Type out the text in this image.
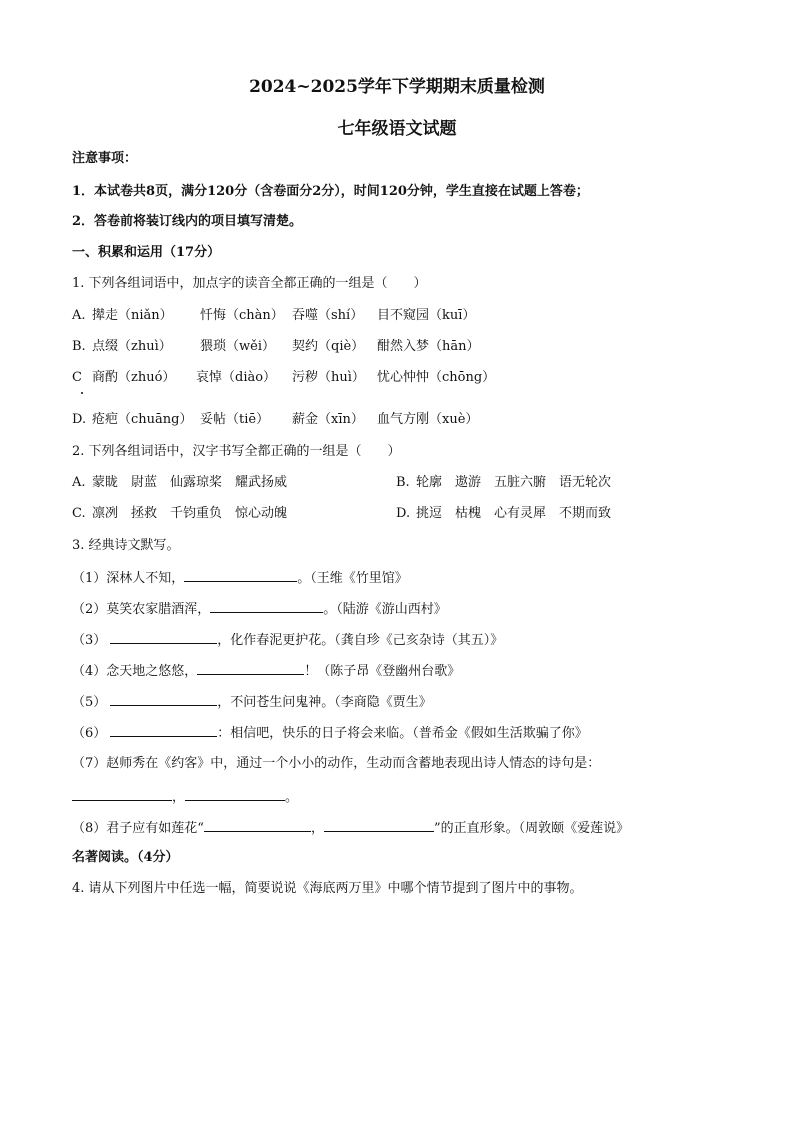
2024~2025学年下学期期末质量检测
七年级语文试题
注意事项：
1．本试卷共8页，满分120分（含卷面分2分），时间120分钟，学生直接在试题上答卷；
2．答卷前将装订线内的项目填写清楚。
一、积累和运用（17分）
1. 下列各组词语中，加点字的读音全都正确的一组是（　　）
A. 撵走（niǎn） 忏悔（chàn） 吞噬（shí） 目不窥园（kuī）
B. 点缀（zhuì） 猥琐（wěi） 契约（qiè） 酣然入梦（hān）
C 商酌（zhuó） 哀悼（diào） 污秽（huì） 忧心忡忡（chōng）
D. 疮疤（chuāng） 妥帖（tiē） 薪金（xīn） 血气方刚（xuè）
2. 下列各组词语中，汉字书写全都正确的一组是（　　）
A. 蒙眬　尉蓝　仙露琼桨　耀武扬威	B. 轮廓　遨游　五脏六腑　语无轮次
C. 凛冽　拯救　千钧重负　惊心动魄	D. 挑逗　枯槐　心有灵犀　不期而致
3. 经典诗文默写。
（1）深林人不知，	。（王维《竹里馆》
（2）莫笑农家腊酒浑，	。（陆游《游山西村》
（3）	，化作春泥更护花。（龚自珍《己亥杂诗（其五）》
（4）念天地之悠悠，	！（陈子昂《登幽州台歌》
（5）	，不问苍生问鬼神。（李商隐《贾生》
（6）	：相信吧，快乐的日子将会来临。（普希金《假如生活欺骗了你》
（7）赵师秀在《约客》中，通过一个小小的动作，生动而含蓄地表现出诗人情态的诗句是：
，	。
（8）君子应有如莲花“	，	”的正直形象。（周敦颐《爱莲说》
名著阅读。（4分）
4. 请从下列图片中任选一幅，简要说说《海底两万里》中哪个情节提到了图片中的事物。
